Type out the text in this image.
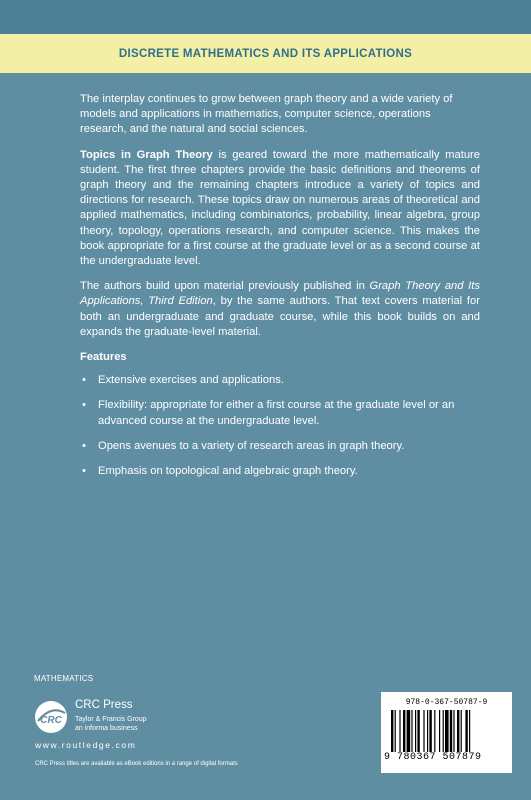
DISCRETE MATHEMATICS AND ITS APPLICATIONS

The interplay continues to grow between graph theory and a wide variety of models and applications in mathematics, computer science, operations research, and the natural and social sciences.

Topics in Graph Theory is geared toward the more mathematically mature student. The first three chapters provide the basic definitions and theorems of graph theory and the remaining chapters introduce a variety of topics and directions for research. These topics draw on numerous areas of theoretical and applied mathematics, including combinatorics, probability, linear algebra, group theory, topology, operations research, and computer science. This makes the book appropriate for a first course at the graduate level or as a second course at the undergraduate level.

The authors build upon material previously published in Graph Theory and Its Applications, Third Edition, by the same authors. That text covers material for both an undergraduate and graduate course, while this book builds on and expands the graduate-level material.

Features
• Extensive exercises and applications.
• Flexibility: appropriate for either a first course at the graduate level or an advanced course at the undergraduate level.
• Opens avenues to a variety of research areas in graph theory.
• Emphasis on topological and algebraic graph theory.
MATHEMATICS
CRC
CRC Press
Taylor & Francis Group
an informa business
www.routledge.com
CRC Press titles are available as eBook editions in a range of digital formats
978-0-367-50787-9
9 780367 507879
